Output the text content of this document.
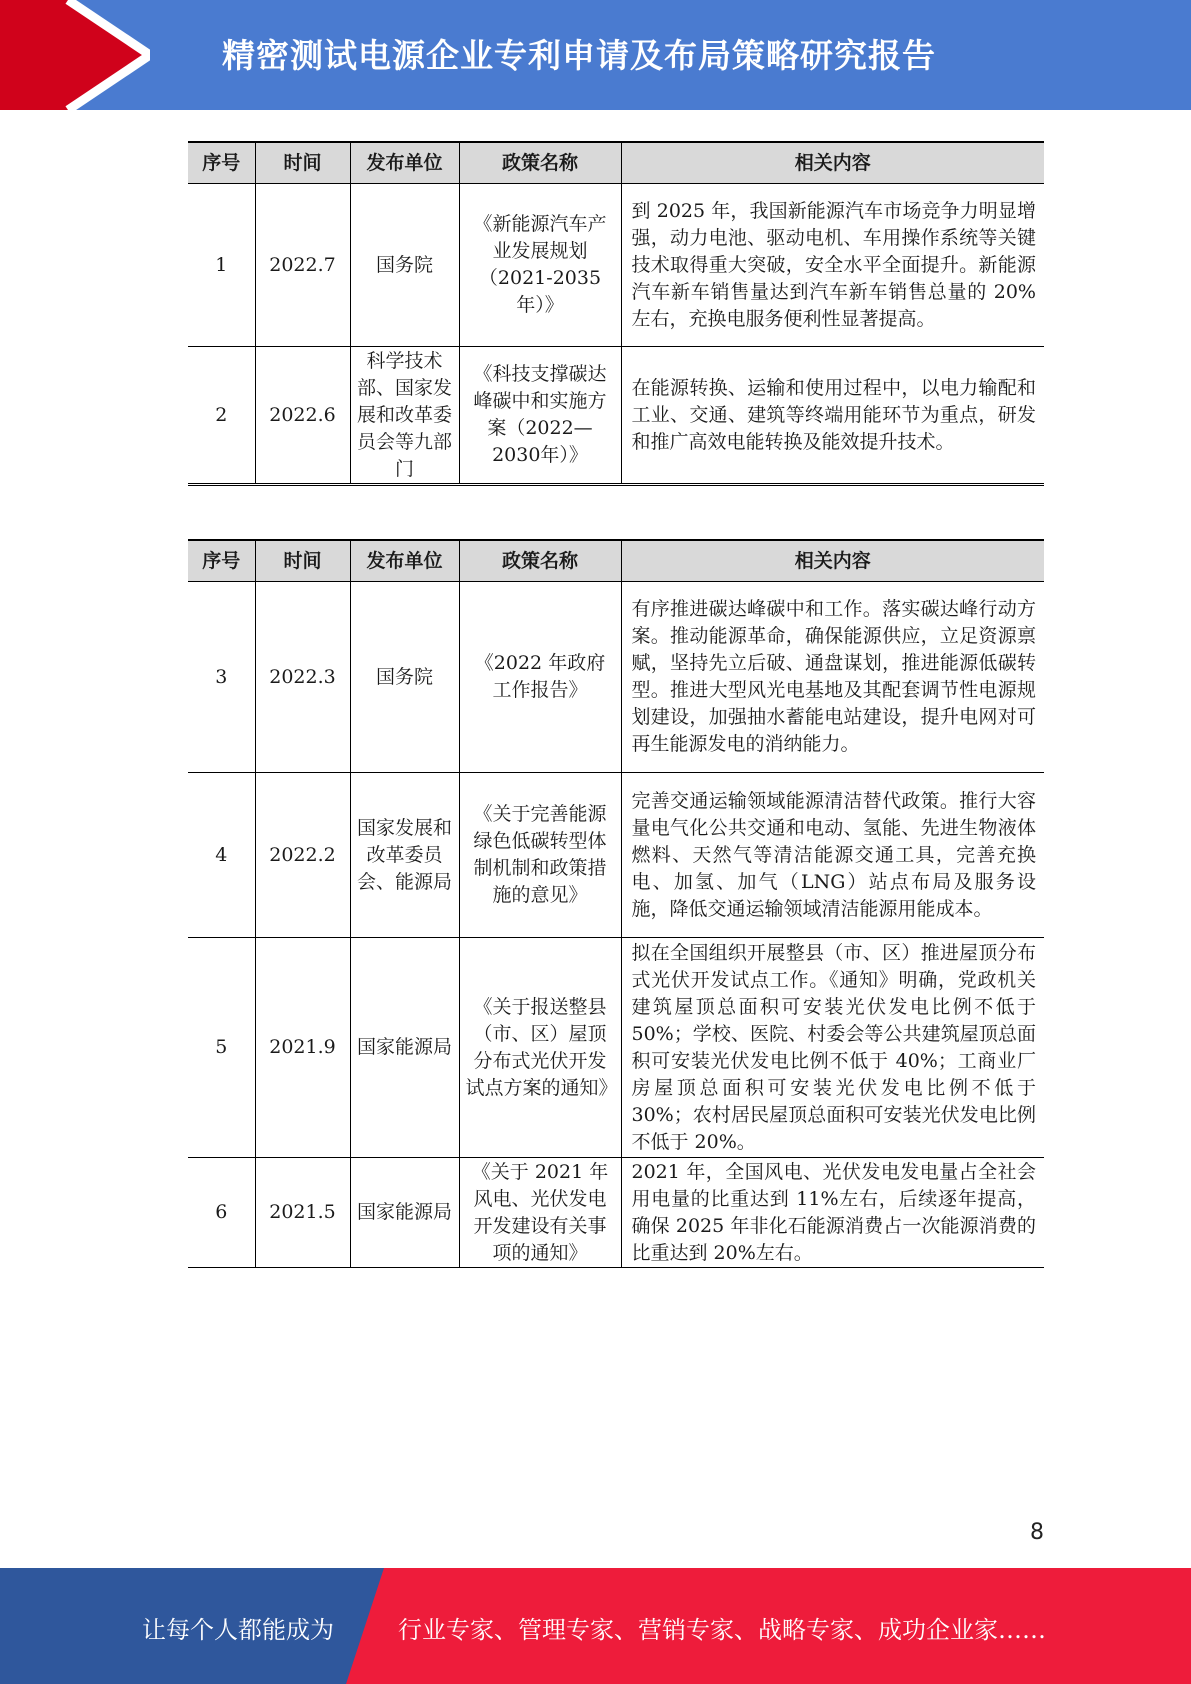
精密测试电源企业专利申请及布局策略研究报告
序号	时间	发布单位	政策名称	相关内容
1	2022.7	国务院	《新能源汽车产业发展规划（2021-2035年）》	到 2025 年，我国新能源汽车市场竞争力明显增强，动力电池、驱动电机、车用操作系统等关键技术取得重大突破，安全水平全面提升。新能源汽车新车销售量达到汽车新车销售总量的 20%左右，充换电服务便利性显著提高。
2	2022.6	科学技术部、国家发展和改革委员会等九部门	《科技支撑碳达峰碳中和实施方案（2022—2030年）》	在能源转换、运输和使用过程中，以电力输配和工业、交通、建筑等终端用能环节为重点，研发和推广高效电能转换及能效提升技术。
序号	时间	发布单位	政策名称	相关内容
3	2022.3	国务院	《2022 年政府工作报告》	有序推进碳达峰碳中和工作。落实碳达峰行动方案。推动能源革命，确保能源供应，立足资源禀赋，坚持先立后破、通盘谋划，推进能源低碳转型。推进大型风光电基地及其配套调节性电源规划建设，加强抽水蓄能电站建设，提升电网对可再生能源发电的消纳能力。
4	2022.2	国家发展和改革委员会、能源局	《关于完善能源绿色低碳转型体制机制和政策措施的意见》	完善交通运输领域能源清洁替代政策。推行大容量电气化公共交通和电动、氢能、先进生物液体燃料、天然气等清洁能源交通工具，完善充换电、加氢、加气（LNG）站点布局及服务设施，降低交通运输领域清洁能源用能成本。
5	2021.9	国家能源局	《关于报送整县（市、区）屋顶分布式光伏开发试点方案的通知》	拟在全国组织开展整县（市、区）推进屋顶分布式光伏开发试点工作。《通知》明确，党政机关建筑屋顶总面积可安装光伏发电比例不低于 50%；学校、医院、村委会等公共建筑屋顶总面积可安装光伏发电比例不低于 40%；工商业厂房屋顶总面积可安装光伏发电比例不低于 30%；农村居民屋顶总面积可安装光伏发电比例不低于 20%。
6	2021.5	国家能源局	《关于 2021 年风电、光伏发电开发建设有关事项的通知》	2021 年，全国风电、光伏发电发电量占全社会用电量的比重达到 11%左右，后续逐年提高，确保 2025 年非化石能源消费占一次能源消费的比重达到 20%左右。
8
让每个人都能成为	行业专家、管理专家、营销专家、战略专家、成功企业家……
